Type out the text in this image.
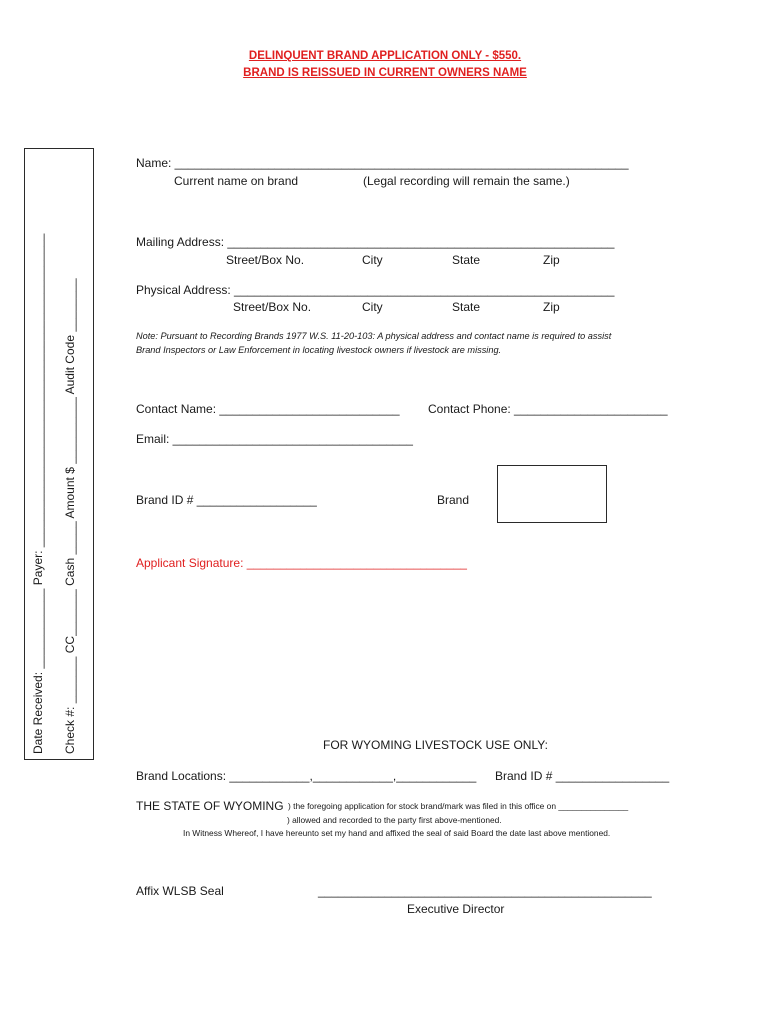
DELINQUENT BRAND APPLICATION ONLY - $550.
BRAND IS REISSUED IN CURRENT OWNERS NAME
Date Received: ____________ Payer: _______________________________________________ Check #: _______ CC_______ Cash _____ Amount $ __________ Audit Code ________
Name: ____________________________________________________________________
Current name on brand	(Legal recording will remain the same.)
Mailing Address: __________________________________________________________
Street/Box No.	City	State	Zip
Physical Address: _________________________________________________________
Street/Box No.	City	State	Zip
Note: Pursuant to Recording Brands 1977 W.S. 11-20-103: A physical address and contact name is required to assist
Brand Inspectors or Law Enforcement in locating livestock owners if livestock are missing.
Contact Name: ___________________________ Contact Phone: _______________________
Email: ____________________________________
Brand ID # __________________	Brand
Applicant Signature: _________________________________
FOR WYOMING LIVESTOCK USE ONLY:
Brand Locations: ____________,____________,____________ Brand ID # _________________
THE STATE OF WYOMING ) the foregoing application for stock brand/mark was filed in this office on _______________
) allowed and recorded to the party first above-mentioned.
In Witness Whereof, I have hereunto set my hand and affixed the seal of said Board the date last above mentioned.
Affix WLSB Seal	__________________________________________________
Executive Director
